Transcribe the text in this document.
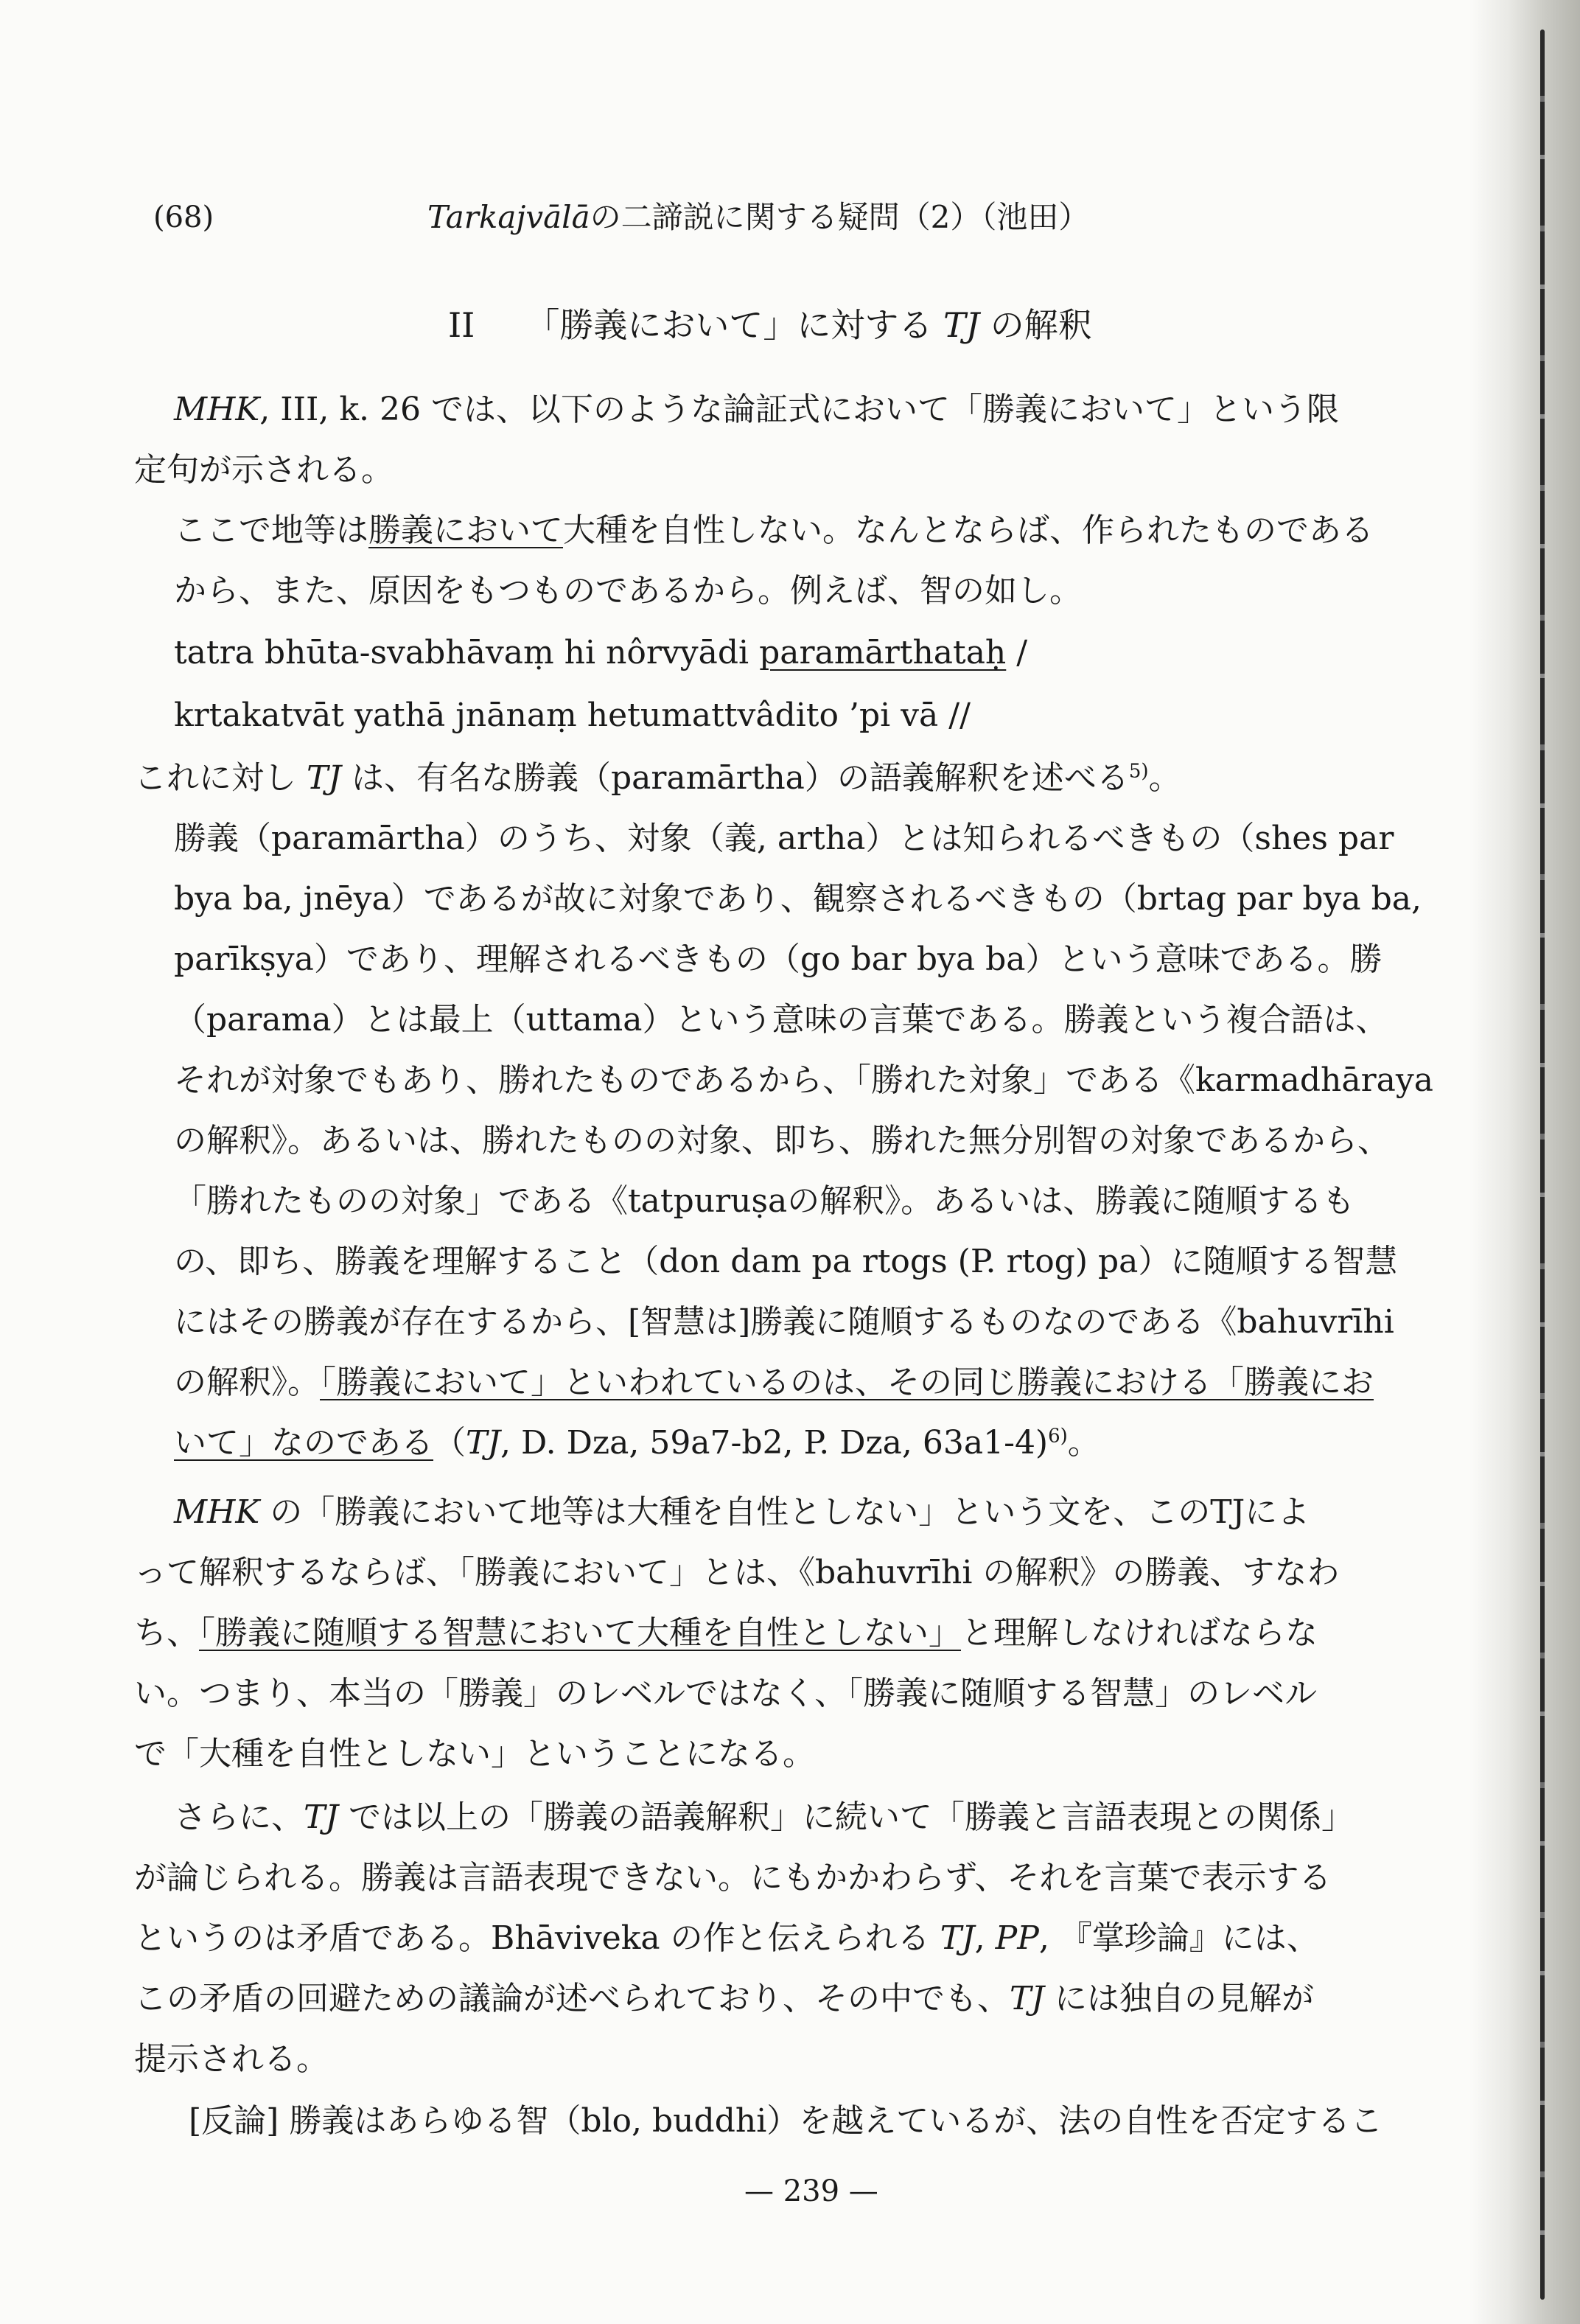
(68)	Tarkajvālāの二諦説に関する疑問（2）（池田）
II　　 「勝義において」に対する TJ の解釈
MHK, III, k. 26 では、以下のような論証式において「勝義において」という限
定句が示される。
ここで地等は勝義において大種を自性しない。なんとならば、作られたものである
から、また、原因をもつものであるから。例えば、智の如し。
tatra bhūta-svabhāvaṃ hi nôrvyādi paramārthataḥ /
krtakatvāt yathā jnānaṃ hetumattvâdito ’pi vā //
これに対し TJ は、有名な勝義（paramārtha）の語義解釈を述べる$^{5)}$。
勝義（paramārtha）のうち、対象（義, artha）とは知られるべきもの（shes par
bya ba, jnēya）であるが故に対象であり、観察されるべきもの（brtag par bya ba,
parīkṣya）であり、理解されるべきもの（go bar bya ba）という意味である。勝
（parama）とは最上（uttama）という意味の言葉である。勝義という複合語は、
それが対象でもあり、勝れたものであるから、「勝れた対象」である《karmadhāraya
の解釈》。あるいは、勝れたものの対象、即ち、勝れた無分別智の対象であるから、
「勝れたものの対象」である《tatpuruṣaの解釈》。あるいは、勝義に随順するも
の、即ち、勝義を理解すること（don dam pa rtogs (P. rtog) pa）に随順する智慧
にはその勝義が存在するから、[智慧は]勝義に随順するものなのである《bahuvrīhi
の解釈》。「勝義において」といわれているのは、その同じ勝義における「勝義にお
いて」なのである（TJ, D. Dza, 59a7-b2, P. Dza, 63a1-4)$^{6)}$。
MHK の「勝義において地等は大種を自性としない」という文を、このTJによ
って解釈するならば、「勝義において」とは、《bahuvrīhi の解釈》の勝義、すなわ
ち、「勝義に随順する智慧において大種を自性としない」と理解しなければならな
い。つまり、本当の「勝義」のレベルではなく、「勝義に随順する智慧」のレベル
で「大種を自性としない」ということになる。
さらに、TJ では以上の「勝義の語義解釈」に続いて「勝義と言語表現との関係」
が論じられる。勝義は言語表現できない。にもかかわらず、それを言葉で表示する
というのは矛盾である。Bhāviveka の作と伝えられる TJ, PP, 『掌珍論』には、
この矛盾の回避ための議論が述べられており、その中でも、TJ には独自の見解が
提示される。
[反論] 勝義はあらゆる智（blo, buddhi）を越えているが、法の自性を否定するこ
— 239 —
